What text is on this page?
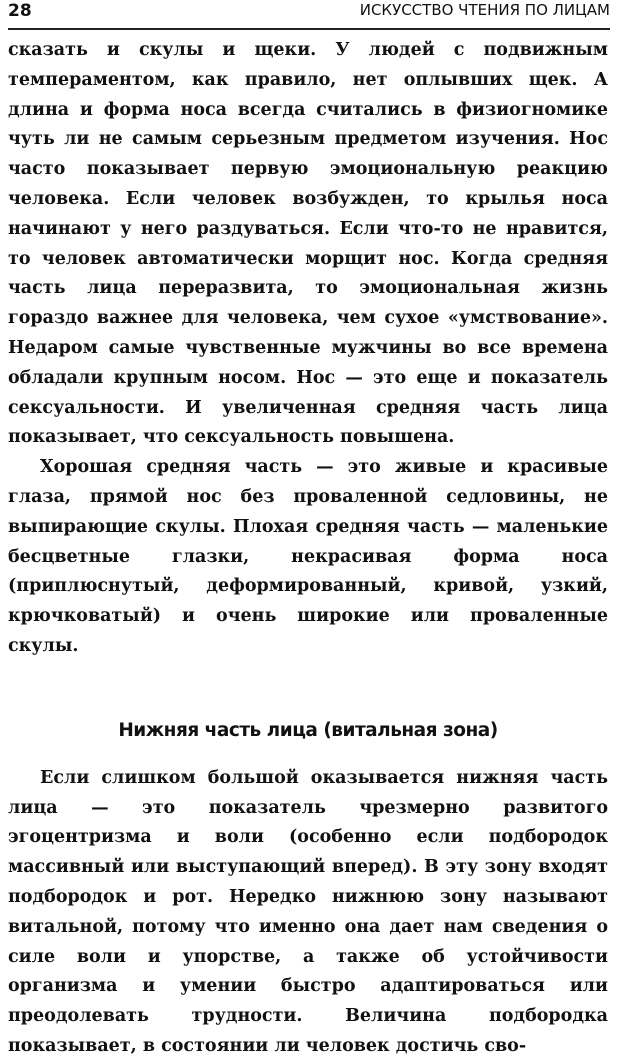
28	ИСКУССТВО ЧТЕНИЯ ПО ЛИЦАМ

сказать и скулы и щеки. У людей с подвижным темпераментом, как правило, нет оплывших щек. А длина и форма носа всегда считались в физиогномике чуть ли не самым серьезным предметом изучения. Нос часто показывает первую эмоциональную реакцию человека. Если человек возбужден, то крылья носа начинают у него раздуваться. Если что-то не нравится, то человек автоматически морщит нос. Когда средняя часть лица переразвита, то эмоциональная жизнь гораздо важнее для человека, чем сухое «умствование». Недаром самые чувственные мужчины во все времена обладали крупным носом. Нос — это еще и показатель сексуальности. И увеличенная средняя часть лица показывает, что сексуальность повышена.

Хорошая средняя часть — это живые и красивые глаза, прямой нос без проваленной седловины, не выпирающие скулы. Плохая средняя часть — маленькие бесцветные глазки, некрасивая форма носа (приплюснутый, деформированный, кривой, узкий, крючковатый) и очень широкие или проваленные скулы.

Нижняя часть лица (витальная зона)

Если слишком большой оказывается нижняя часть лица — это показатель чрезмерно развитого эгоцентризма и воли (особенно если подбородок массивный или выступающий вперед). В эту зону входят подбородок и рот. Нередко нижнюю зону называют витальной, потому что именно она дает нам сведения о силе воли и упорстве, а также об устойчивости организма и умении быстро адаптироваться или преодолевать трудности. Величина подбородка показывает, в состоянии ли человек достичь сво-
